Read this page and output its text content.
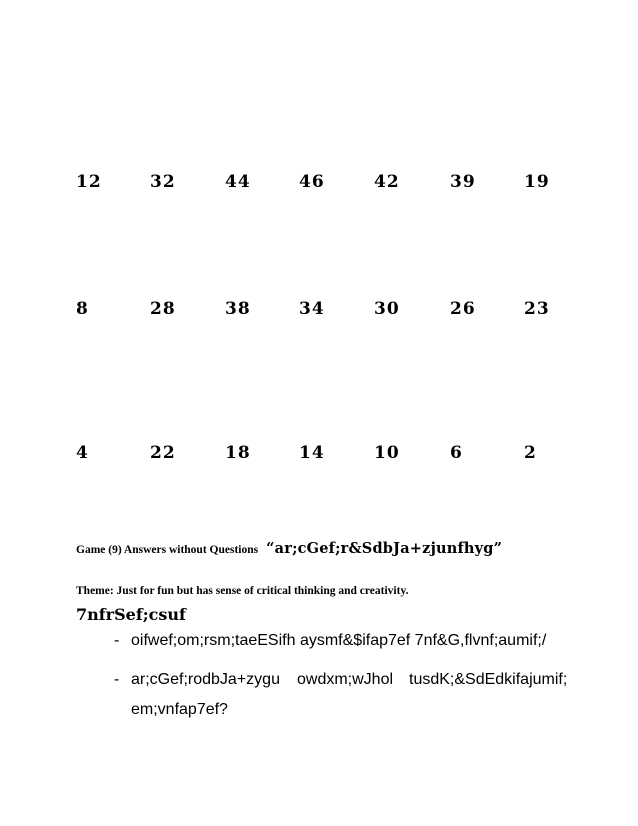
12	32	44	46	42	39	19
8	28	38	34	30	26	23
4	22	18	14	10	6	2
Game (9) Answers without Questions “ar;cGef;r&SdbJa+zjunfhyg”
Theme: Just for fun but has sense of critical thinking and creativity.
7nfrSef;csuf
- oifwef;om;rsm;taeESifh aysmf&$ifap7ef 7nf&G,flvnf;aumif;/
- ar;cGef;rodbJa+zygu owdxm;wJhol tusdK;&SdEdkifajumif;
em;vnfap7ef?
